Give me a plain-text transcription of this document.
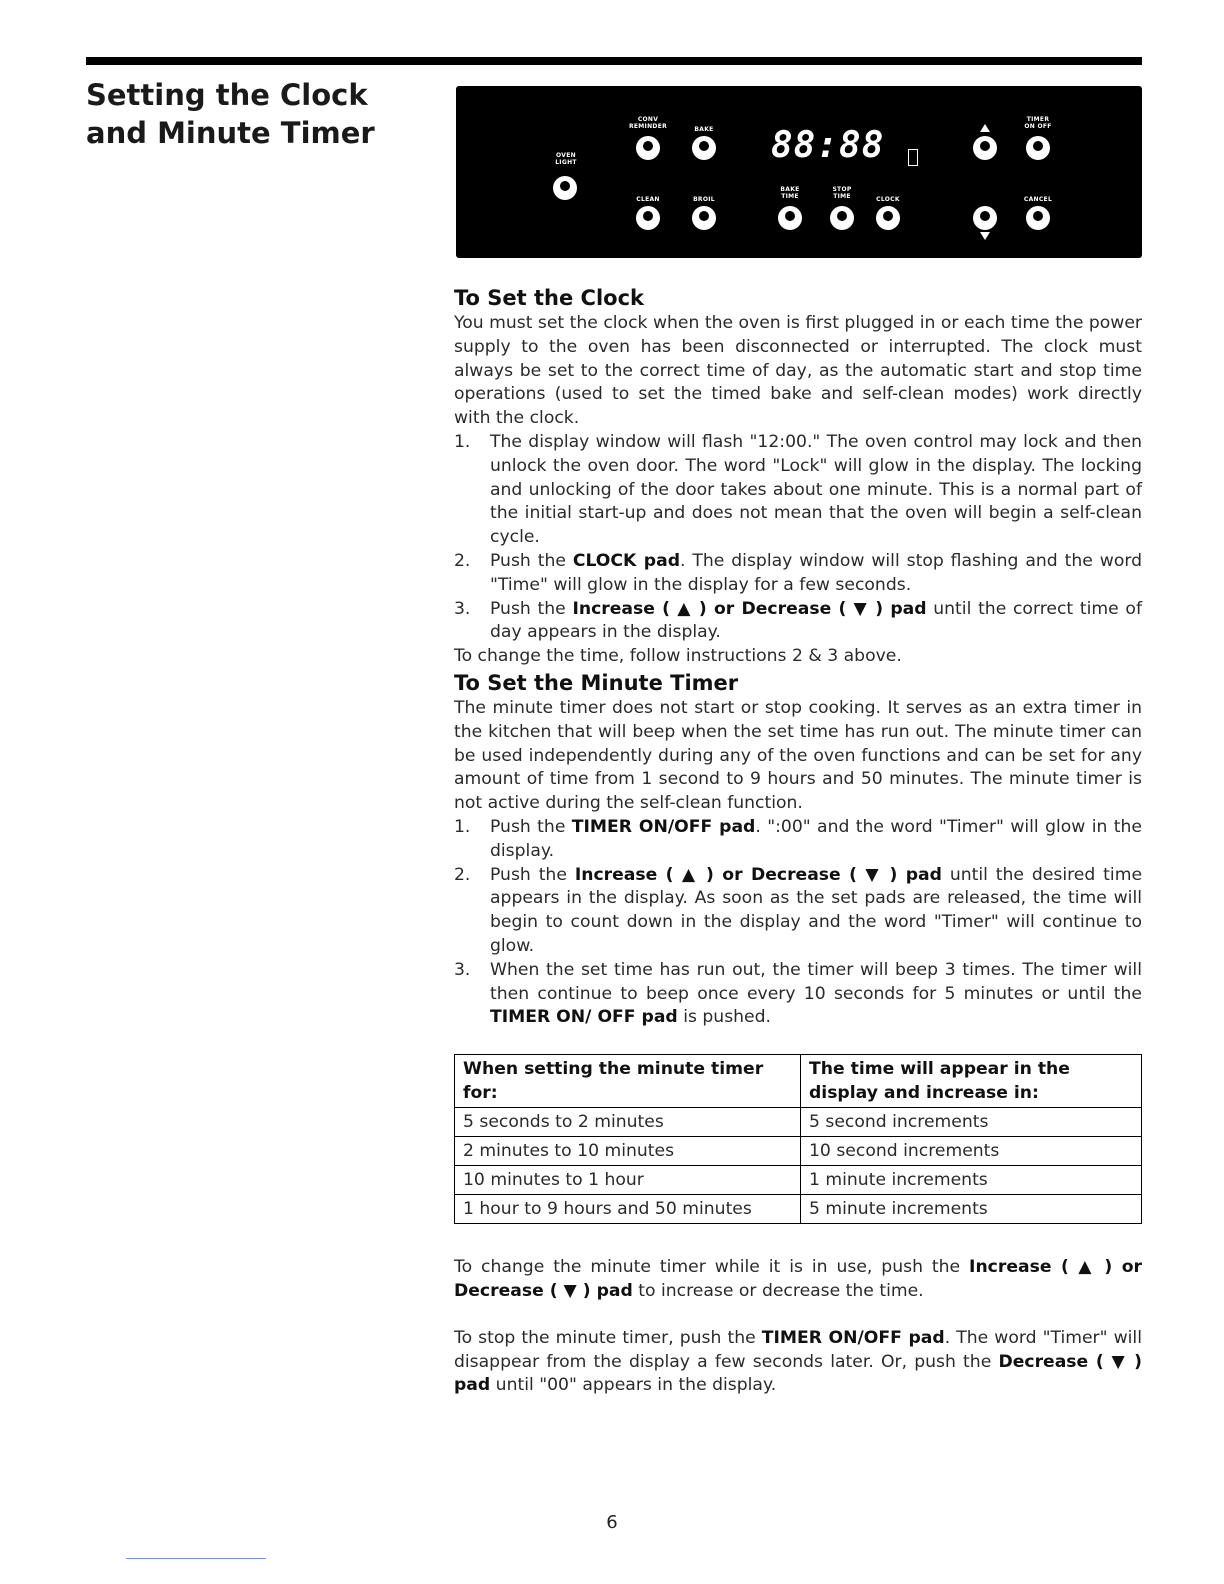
Setting the Clock
and Minute Timer
OVEN
LIGHT
CONV
REMINDER	BAKE
CLEAN	BROIL
88:88
BAKE
TIME
STOP
TIME	CLOCK
TIMER
ON OFF
CANCEL
To Set the Clock

You must set the clock when the oven is first plugged in or each time the power supply to the oven has been disconnected or interrupted. The clock must always be set to the correct time of day, as the automatic start and stop time operations (used to set the timed bake and self-clean modes) work directly with the clock.

1. The display window will flash "12:00." The oven control may lock and then unlock the oven door. The word "Lock" will glow in the display. The locking and unlocking of the door takes about one minute. This is a normal part of the initial start-up and does not mean that the oven will begin a self-clean cycle.
2. Push the CLOCK pad. The display window will stop flashing and the word "Time" will glow in the display for a few seconds.
3. Push the Increase ( ▲ ) or Decrease ( ▼ ) pad until the correct time of day appears in the display.

To change the time, follow instructions 2 & 3 above.

To Set the Minute Timer

The minute timer does not start or stop cooking. It serves as an extra timer in the kitchen that will beep when the set time has run out. The minute timer can be used independently during any of the oven functions and can be set for any amount of time from 1 second to 9 hours and 50 minutes. The minute timer is not active during the self-clean function.

1. Push the TIMER ON/OFF pad. ":00" and the word "Timer" will glow in the display.
2. Push the Increase ( ▲ ) or Decrease ( ▼ ) pad until the desired time appears in the display. As soon as the set pads are released, the time will begin to count down in the display and the word "Timer" will continue to glow.
3. When the set time has run out, the timer will beep 3 times. The timer will then continue to beep once every 10 seconds for 5 minutes or until the TIMER ON/ OFF pad is pushed.
When setting the minute timer for:	The time will appear in the display and increase in:
5 seconds to 2 minutes	5 second increments
2 minutes to 10 minutes	10 second increments
10 minutes to 1 hour	1 minute increments
1 hour to 9 hours and 50 minutes	5 minute increments

To change the minute timer while it is in use, push the Increase ( ▲ ) or Decrease ( ▼ ) pad to increase or decrease the time.

To stop the minute timer, push the TIMER ON/OFF pad. The word "Timer" will disappear from the display a few seconds later. Or, push the Decrease ( ▼ ) pad until "00" appears in the display.

6
